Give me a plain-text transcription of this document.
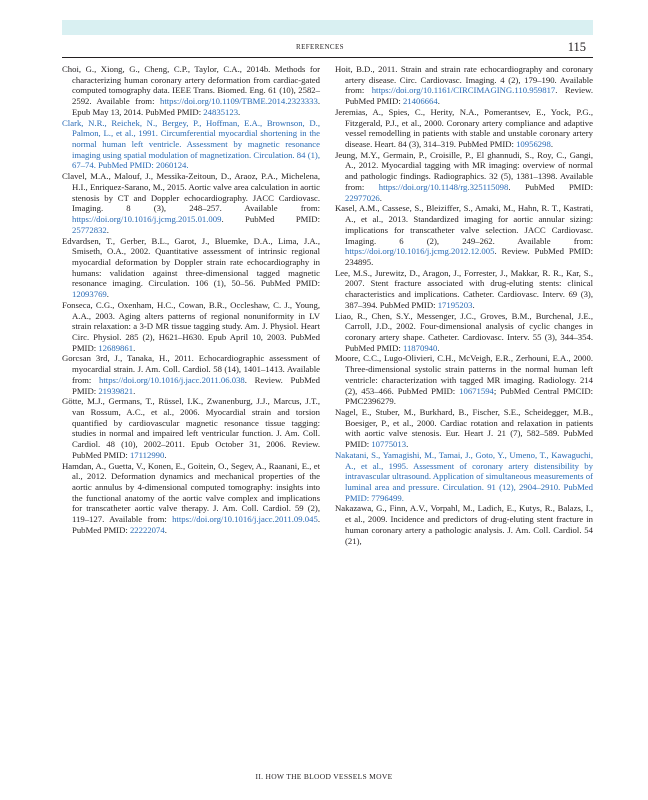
REFERENCES	115

Choi, G., Xiong, G., Cheng, C.P., Taylor, C.A., 2014b. Methods for characterizing human coronary artery deformation from cardiac-gated computed tomography data. IEEE Trans. Biomed. Eng. 61 (10), 2582–2592. Available from: https://doi.org/10.1109/TBME.2014.2323333. Epub May 13, 2014. PubMed PMID: 24835123.

Clark, N.R., Reichek, N., Bergey, P., Hoffman, E.A., Brownson, D., Palmon, L., et al., 1991. Circumferential myocardial shortening in the normal human left ventricle. Assessment by magnetic resonance imaging using spatial modulation of magnetization. Circulation. 84 (1), 67–74. PubMed PMID: 2060124.

Clavel, M.A., Malouf, J., Messika-Zeitoun, D., Araoz, P.A., Michelena, H.I., Enriquez-Sarano, M., 2015. Aortic valve area calculation in aortic stenosis by CT and Doppler echocardiography. JACC Cardiovasc. Imaging. 8 (3), 248–257. Available from: https://doi.org/10.1016/j.jcmg.2015.01.009. PubMed PMID: 25772832.

Edvardsen, T., Gerber, B.L., Garot, J., Bluemke, D.A., Lima, J.A., Smiseth, O.A., 2002. Quantitative assessment of intrinsic regional myocardial deformation by Doppler strain rate echocardiography in humans: validation against three-dimensional tagged magnetic resonance imaging. Circulation. 106 (1), 50–56. PubMed PMID: 12093769.

Fonseca, C.G., Oxenham, H.C., Cowan, B.R., Occleshaw, C. J., Young, A.A., 2003. Aging alters patterns of regional nonuniformity in LV strain relaxation: a 3-D MR tissue tagging study. Am. J. Physiol. Heart Circ. Physiol. 285 (2), H621–H630. Epub April 10, 2003. PubMed PMID: 12689861.

Gorcsan 3rd, J., Tanaka, H., 2011. Echocardiographic assessment of myocardial strain. J. Am. Coll. Cardiol. 58 (14), 1401–1413. Available from: https://doi.org/10.1016/j.jacc.2011.06.038. Review. PubMed PMID: 21939821.

Götte, M.J., Germans, T., Rüssel, I.K., Zwanenburg, J.J., Marcus, J.T., van Rossum, A.C., et al., 2006. Myocardial strain and torsion quantified by cardiovascular magnetic resonance tissue tagging: studies in normal and impaired left ventricular function. J. Am. Coll. Cardiol. 48 (10), 2002–2011. Epub October 31, 2006. Review. PubMed PMID: 17112990.

Hamdan, A., Guetta, V., Konen, E., Goitein, O., Segev, A., Raanani, E., et al., 2012. Deformation dynamics and mechanical properties of the aortic annulus by 4-dimensional computed tomography: insights into the functional anatomy of the aortic valve complex and implications for transcatheter aortic valve therapy. J. Am. Coll. Cardiol. 59 (2), 119–127. Available from: https://doi.org/10.1016/j.jacc.2011.09.045. PubMed PMID: 22222074.

Hoit, B.D., 2011. Strain and strain rate echocardiography and coronary artery disease. Circ. Cardiovasc. Imaging. 4 (2), 179–190. Available from: https://doi.org/10.1161/CIRCIMAGING.110.959817. Review. PubMed PMID: 21406664.

Jeremias, A., Spies, C., Herity, N.A., Pomerantsev, E., Yock, P.G., Fitzgerald, P.J., et al., 2000. Coronary artery compliance and adaptive vessel remodelling in patients with stable and unstable coronary artery disease. Heart. 84 (3), 314–319. PubMed PMID: 10956298.

Jeung, M.Y., Germain, P., Croisille, P., El ghannudi, S., Roy, C., Gangi, A., 2012. Myocardial tagging with MR imaging: overview of normal and pathologic findings. Radiographics. 32 (5), 1381–1398. Available from: https://doi.org/10.1148/rg.325115098. PubMed PMID: 22977026.

Kasel, A.M., Cassese, S., Bleiziffer, S., Amaki, M., Hahn, R. T., Kastrati, A., et al., 2013. Standardized imaging for aortic annular sizing: implications for transcatheter valve selection. JACC Cardiovasc. Imaging. 6 (2), 249–262. Available from: https://doi.org/10.1016/j.jcmg.2012.12.005. Review. PubMed PMID: 234895.

Lee, M.S., Jurewitz, D., Aragon, J., Forrester, J., Makkar, R. R., Kar, S., 2007. Stent fracture associated with drug-eluting stents: clinical characteristics and implications. Catheter. Cardiovasc. Interv. 69 (3), 387–394. PubMed PMID: 17195203.

Liao, R., Chen, S.Y., Messenger, J.C., Groves, B.M., Burchenal, J.E., Carroll, J.D., 2002. Four-dimensional analysis of cyclic changes in coronary artery shape. Catheter. Cardiovasc. Interv. 55 (3), 344–354. PubMed PMID: 11870940.

Moore, C.C., Lugo-Olivieri, C.H., McVeigh, E.R., Zerhouni, E.A., 2000. Three-dimensional systolic strain patterns in the normal human left ventricle: characterization with tagged MR imaging. Radiology. 214 (2), 453–466. PubMed PMID: 10671594; PubMed Central PMCID: PMC2396279.

Nagel, E., Stuber, M., Burkhard, B., Fischer, S.E., Scheidegger, M.B., Boesiger, P., et al., 2000. Cardiac rotation and relaxation in patients with aortic valve stenosis. Eur. Heart J. 21 (7), 582–589. PubMed PMID: 10775013.

Nakatani, S., Yamagishi, M., Tamai, J., Goto, Y., Umeno, T., Kawaguchi, A., et al., 1995. Assessment of coronary artery distensibility by intravascular ultrasound. Application of simultaneous measurements of luminal area and pressure. Circulation. 91 (12), 2904–2910. PubMed PMID: 7796499.

Nakazawa, G., Finn, A.V., Vorpahl, M., Ladich, E., Kutys, R., Balazs, I., et al., 2009. Incidence and predictors of drug-eluting stent fracture in human coronary artery a pathologic analysis. J. Am. Coll. Cardiol. 54 (21),

II. HOW THE BLOOD VESSELS MOVE
